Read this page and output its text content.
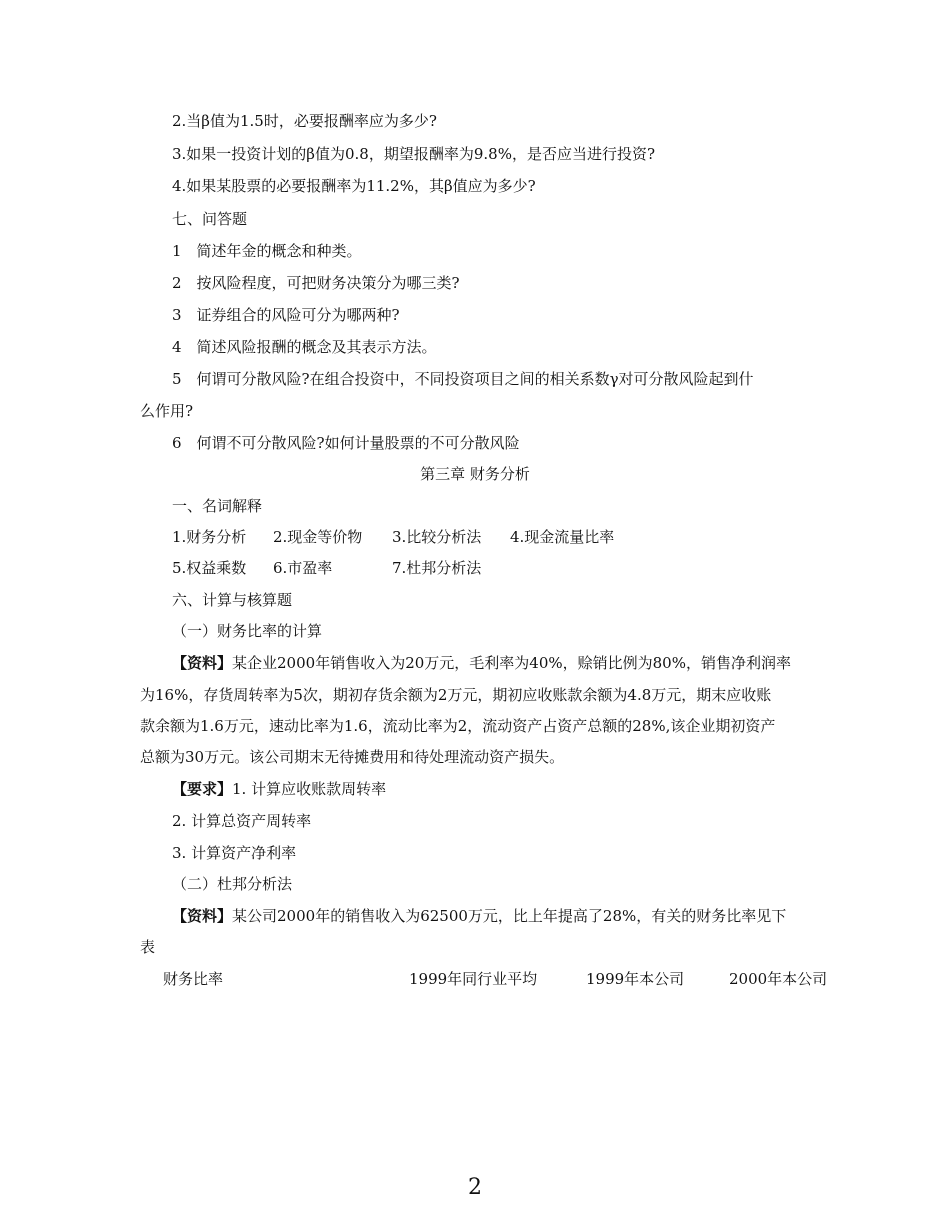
2.当β值为1.5时，必要报酬率应为多少?
3.如果一投资计划的β值为0.8，期望报酬率为9.8%，是否应当进行投资?
4.如果某股票的必要报酬率为11.2%，其β值应为多少?
七、问答题
1　简述年金的概念和种类。
2　按风险程度，可把财务决策分为哪三类?
3　证券组合的风险可分为哪两种?
4　简述风险报酬的概念及其表示方法。
5　何谓可分散风险?在组合投资中，不同投资项目之间的相关系数γ对可分散风险起到什
么作用?
6　何谓不可分散风险?如何计量股票的不可分散风险
第三章 财务分析
一、名词解释
1.财务分析 2.现金等价物 3.比较分析法 4.现金流量比率
5.权益乘数 6.市盈率	7.杜邦分析法
六、计算与核算题
（一）财务比率的计算
【资料】某企业2000年销售收入为20万元，毛利率为40%，赊销比例为80%，销售净利润率
为16%，存货周转率为5次，期初存货余额为2万元，期初应收账款余额为4.8万元，期末应收账
款余额为1.6万元，速动比率为1.6，流动比率为2，流动资产占资产总额的28%,该企业期初资产
总额为30万元。该公司期末无待摊费用和待处理流动资产损失。
【要求】1. 计算应收账款周转率
2. 计算总资产周转率
3. 计算资产净利率
（二）杜邦分析法
【资料】某公司2000年的销售收入为62500万元，比上年提高了28%，有关的财务比率见下
表
财务比率	1999年同行业平均	1999年本公司	2000年本公司
2
